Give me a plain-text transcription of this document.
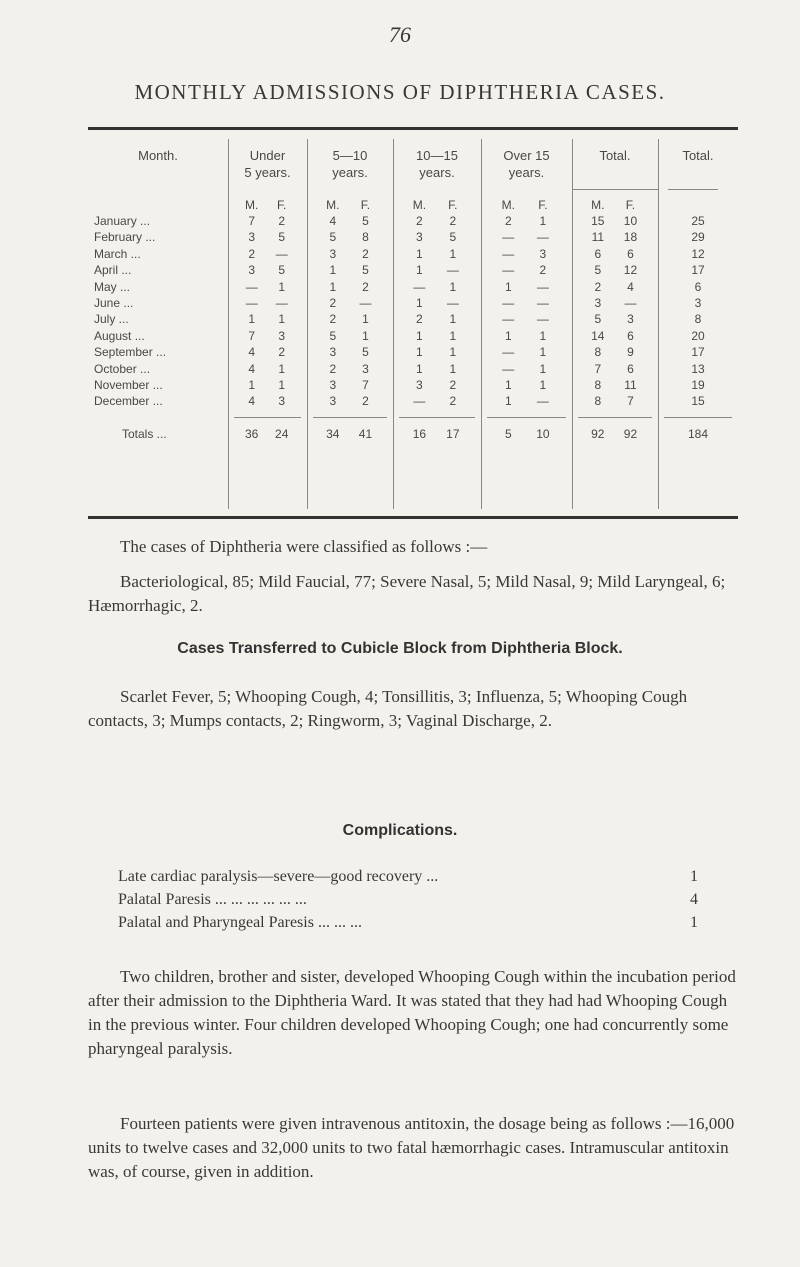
76
MONTHLY ADMISSIONS OF DIPHTHERIA CASES.
Month.	Under
5 years.
5—10
years.
10—15
years.
Over 15
years.
Total.	Total.
M.	F.	M.	F.	M.	F.	M.	F.	M.	F.
January ...	7	2	4	5	2	2	2	1	15	10	25
February ...	3	5	5	8	3	5	—	—	11	18	29
March ...	2	—	3	2	1	1	—	3	6	6	12
April ...	3	5	1	5	1	—	—	2	5	12	17
May ...	—	1	1	2	—	1	1	—	2	4	6
June ...	—	—	2	—	1	—	—	—	3	—	3
July ...	1	1	2	1	2	1	—	—	5	3	8
August ...	7	3	5	1	1	1	1	1	14	6	20
September ...	4	2	3	5	1	1	—	1	8	9	17
October ...	4	1	2	3	1	1	—	1	7	6	13
November ...	1	1	3	7	3	2	1	1	8	11	19
December ...	4	3	3	2	—	2	1	—	8	7	15
Totals ...	36	24	34	41	16	17	5	10	92	92	184
The cases of Diphtheria were classified as follows :—
Bacteriological, 85; Mild Faucial, 77; Severe Nasal, 5; Mild Nasal, 9; Mild Laryngeal, 6; Hæmorrhagic, 2.
Cases Transferred to Cubicle Block from Diphtheria Block.
Scarlet Fever, 5; Whooping Cough, 4; Tonsillitis, 3; Influenza, 5; Whooping Cough contacts, 3; Mumps contacts, 2; Ringworm, 3; Vaginal Discharge, 2.
Complications.
Late cardiac paralysis—severe—good recovery ...	1
Palatal Paresis ... ... ... ... ... ...	4
Palatal and Pharyngeal Paresis ... ... ...	1
Two children, brother and sister, developed Whooping Cough within the incubation period after their admission to the Diphtheria Ward. It was stated that they had had Whooping Cough in the previous winter. Four children developed Whooping Cough; one had concurrently some pharyngeal paralysis.
Fourteen patients were given intravenous antitoxin, the dosage being as follows :—16,000 units to twelve cases and 32,000 units to two fatal hæmorrhagic cases. Intramuscular antitoxin was, of course, given in addition.
